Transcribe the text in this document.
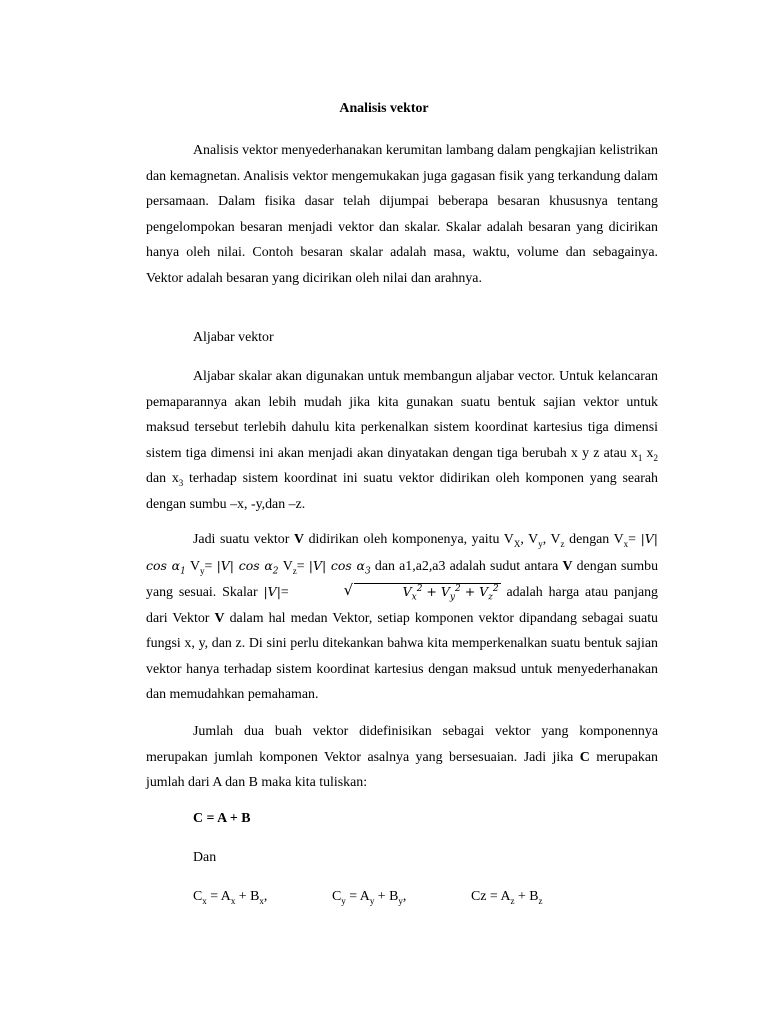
Analisis vektor

Analisis vektor menyederhanakan kerumitan lambang dalam pengkajian kelistrikan dan kemagnetan. Analisis vektor mengemukakan juga gagasan fisik yang terkandung dalam persamaan. Dalam fisika dasar telah dijumpai beberapa besaran khususnya tentang pengelompokan besaran menjadi vektor dan skalar. Skalar adalah besaran yang dicirikan hanya oleh nilai. Contoh besaran skalar adalah masa, waktu, volume dan sebagainya. Vektor adalah besaran yang dicirikan oleh nilai dan arahnya.

Aljabar vektor

Aljabar skalar akan digunakan untuk membangun aljabar vector. Untuk kelancaran pemaparannya akan lebih mudah jika kita gunakan suatu bentuk sajian vektor untuk maksud tersebut terlebih dahulu kita perkenalkan sistem koordinat kartesius tiga dimensi sistem tiga dimensi ini akan menjadi akan dinyatakan dengan tiga berubah x y z atau $x_1$ $x_2$ dan $x_3$ terhadap sistem koordinat ini suatu vektor didirikan oleh komponen yang searah dengan sumbu –x, -y,dan –z.

Jadi suatu vektor V didirikan oleh komponenya, yaitu $V_X$, $V_y$, $V_z$ dengan $V_x= |V|$ $\cos \alpha_1$ $V_y= |V|$ $\cos \alpha_2$ $V_z= |V|$ $\cos \alpha_3$ dan a1,a2,a3 adalah sudut antara V dengan sumbu yang sesuai. Skalar |V|=	√	$V_x^2 + V_y^2 + V_z^2$ adalah harga atau panjang dari Vektor V dalam hal medan Vektor, setiap komponen vektor dipandang sebagai suatu fungsi x, y, dan z. Di sini perlu ditekankan bahwa kita memperkenalkan suatu bentuk sajian vektor hanya terhadap sistem koordinat kartesius dengan maksud untuk menyederhanakan dan memudahkan pemahaman.

Jumlah dua buah vektor didefinisikan sebagai vektor yang komponennya merupakan jumlah komponen Vektor asalnya yang bersesuaian. Jadi jika C merupakan jumlah dari A dan B maka kita tuliskan:

C = A + B

Dan

$C_x = A_x + B_x$,	$C_y = A_y + B_y$,	$Cz = A_z + B_z$
